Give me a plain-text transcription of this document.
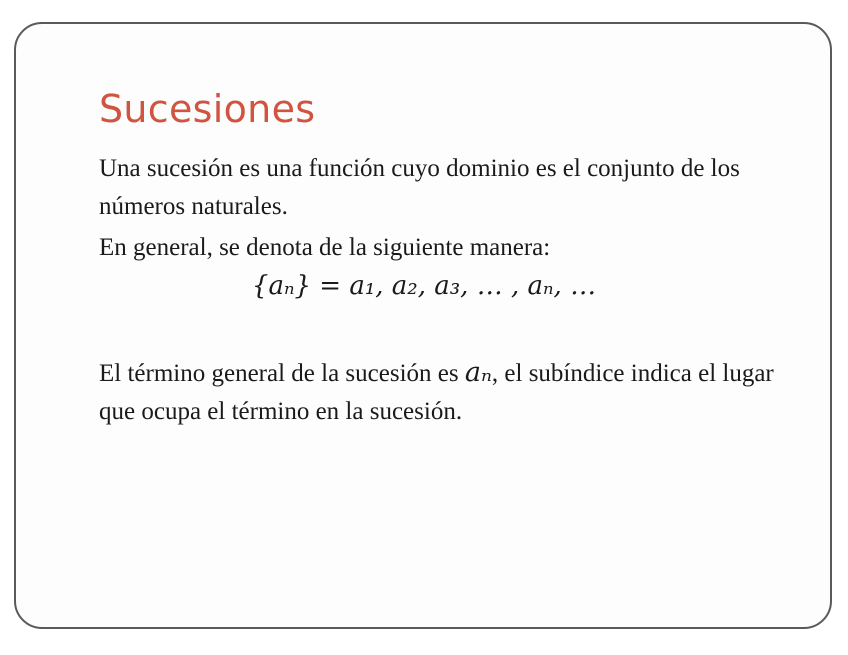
Sucesiones

Una sucesión es una función cuyo dominio es el conjunto de los números naturales.

En general, se denota de la siguiente manera:

{aₙ} = a₁, a₂, a₃, … , aₙ, …

El término general de la sucesión es aₙ, el subíndice indica el lugar que ocupa el término en la sucesión.
